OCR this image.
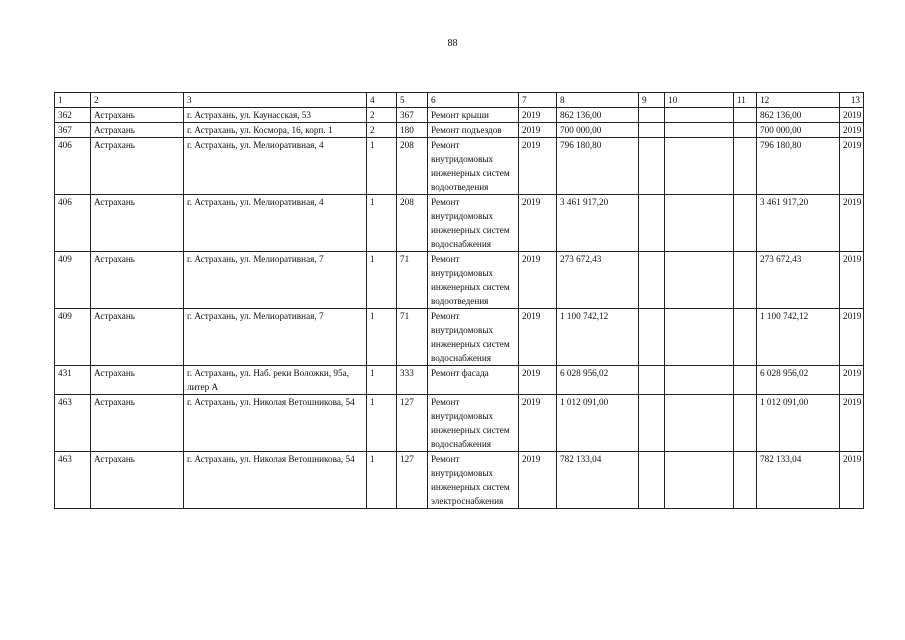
88
1	2	3	4	5	6	7	8	9	10	11	12	13
362	Астрахань	г. Астрахань, ул. Каунасская, 53	2	367	Ремонт крыши	2019	862 136,00				862 136,00	2019
367	Астрахань	г. Астрахань, ул. Космора, 16, корп. 1	2	180	Ремонт подъездов	2019	700 000,00				700 000,00	2019
406	Астрахань	г. Астрахань, ул. Мелиоративная, 4	1	208	Ремонт внутридомовых инженерных систем водоотведения	2019	796 180,80				796 180,80	2019
406	Астрахань	г. Астрахань, ул. Мелиоративная, 4	1	208	Ремонт внутридомовых инженерных систем водоснабжения	2019	3 461 917,20				3 461 917,20	2019
409	Астрахань	г. Астрахань, ул. Мелиоративная, 7	1	71	Ремонт внутридомовых инженерных систем водоотведения	2019	273 672,43				273 672,43	2019
409	Астрахань	г. Астрахань, ул. Мелиоративная, 7	1	71	Ремонт внутридомовых инженерных систем водоснабжения	2019	1 100 742,12				1 100 742,12	2019
431	Астрахань	г. Астрахань, ул. Наб. реки Воложки, 95а, литер А	1	333	Ремонт фасада	2019	6 028 956,02				6 028 956,02	2019
463	Астрахань	г. Астрахань, ул. Николая Ветошникова, 54	1	127	Ремонт внутридомовых инженерных систем водоснабжения	2019	1 012 091,00				1 012 091,00	2019
463	Астрахань	г. Астрахань, ул. Николая Ветошникова, 54	1	127	Ремонт внутридомовых инженерных систем электроснабжения	2019	782 133,04				782 133,04	2019
